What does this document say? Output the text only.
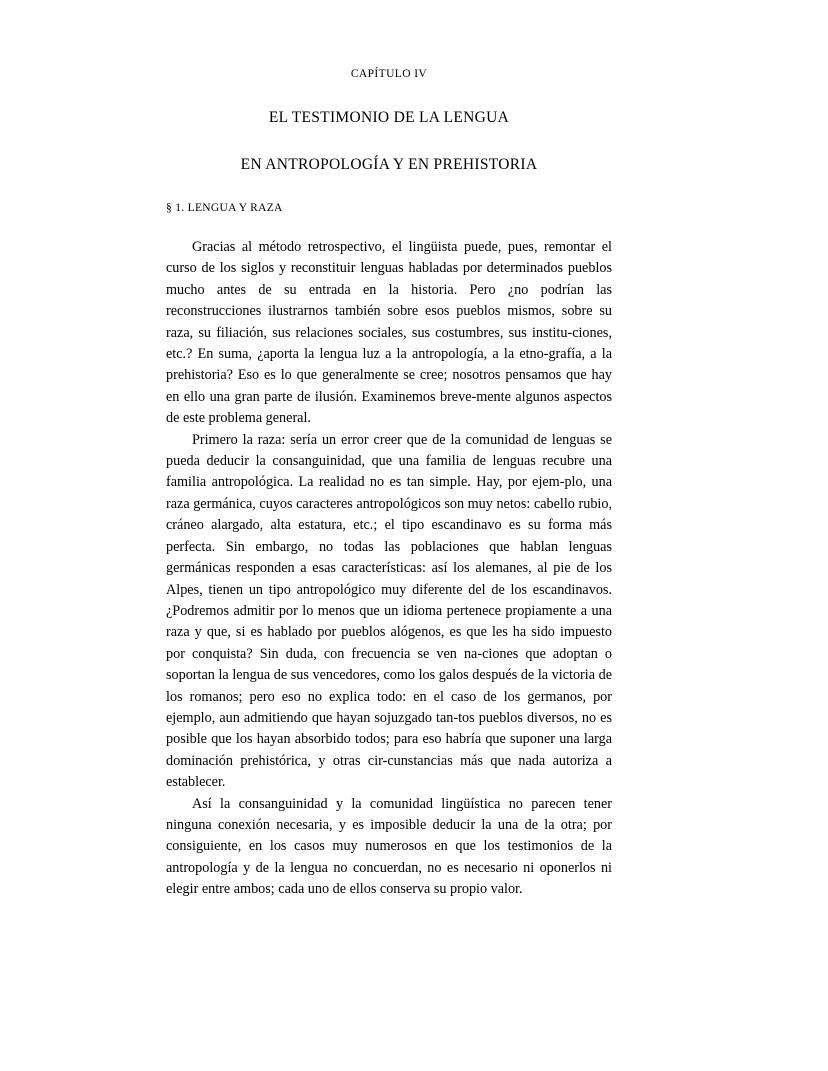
CAPÍTULO IV
EL TESTIMONIO DE LA LENGUA
EN ANTROPOLOGÍA Y EN PREHISTORIA
§ 1. LENGUA Y RAZA

Gracias al método retrospectivo, el lingüista puede, pues, remontar el curso de los siglos y reconstituir lenguas habladas por determinados pueblos mucho antes de su entrada en la historia. Pero ¿no podrían las reconstrucciones ilustrarnos también sobre esos pueblos mismos, sobre su raza, su filiación, sus relaciones sociales, sus costumbres, sus institu-ciones, etc.? En suma, ¿aporta la lengua luz a la antropología, a la etno-grafía, a la prehistoria? Eso es lo que generalmente se cree; nosotros pensamos que hay en ello una gran parte de ilusión. Examinemos breve-mente algunos aspectos de este problema general.

Primero la raza: sería un error creer que de la comunidad de lenguas se pueda deducir la consanguinidad, que una familia de lenguas recubre una familia antropológica. La realidad no es tan simple. Hay, por ejem-plo, una raza germánica, cuyos caracteres antropológicos son muy netos: cabello rubio, cráneo alargado, alta estatura, etc.; el tipo escandinavo es su forma más perfecta. Sin embargo, no todas las poblaciones que hablan lenguas germánicas responden a esas características: así los alemanes, al pie de los Alpes, tienen un tipo antropológico muy diferente del de los escandinavos. ¿Podremos admitir por lo menos que un idioma pertenece propiamente a una raza y que, si es hablado por pueblos alógenos, es que les ha sido impuesto por conquista? Sin duda, con frecuencia se ven na-ciones que adoptan o soportan la lengua de sus vencedores, como los galos después de la victoria de los romanos; pero eso no explica todo: en el caso de los germanos, por ejemplo, aun admitiendo que hayan sojuzgado tan-tos pueblos diversos, no es posible que los hayan absorbido todos; para eso habría que suponer una larga dominación prehistórica, y otras cir-cunstancias más que nada autoriza a establecer.

Así la consanguinidad y la comunidad lingüística no parecen tener ninguna conexión necesaria, y es imposible deducir la una de la otra; por consiguiente, en los casos muy numerosos en que los testimonios de la antropología y de la lengua no concuerdan, no es necesario ni oponerlos ni elegir entre ambos; cada uno de ellos conserva su propio valor.
